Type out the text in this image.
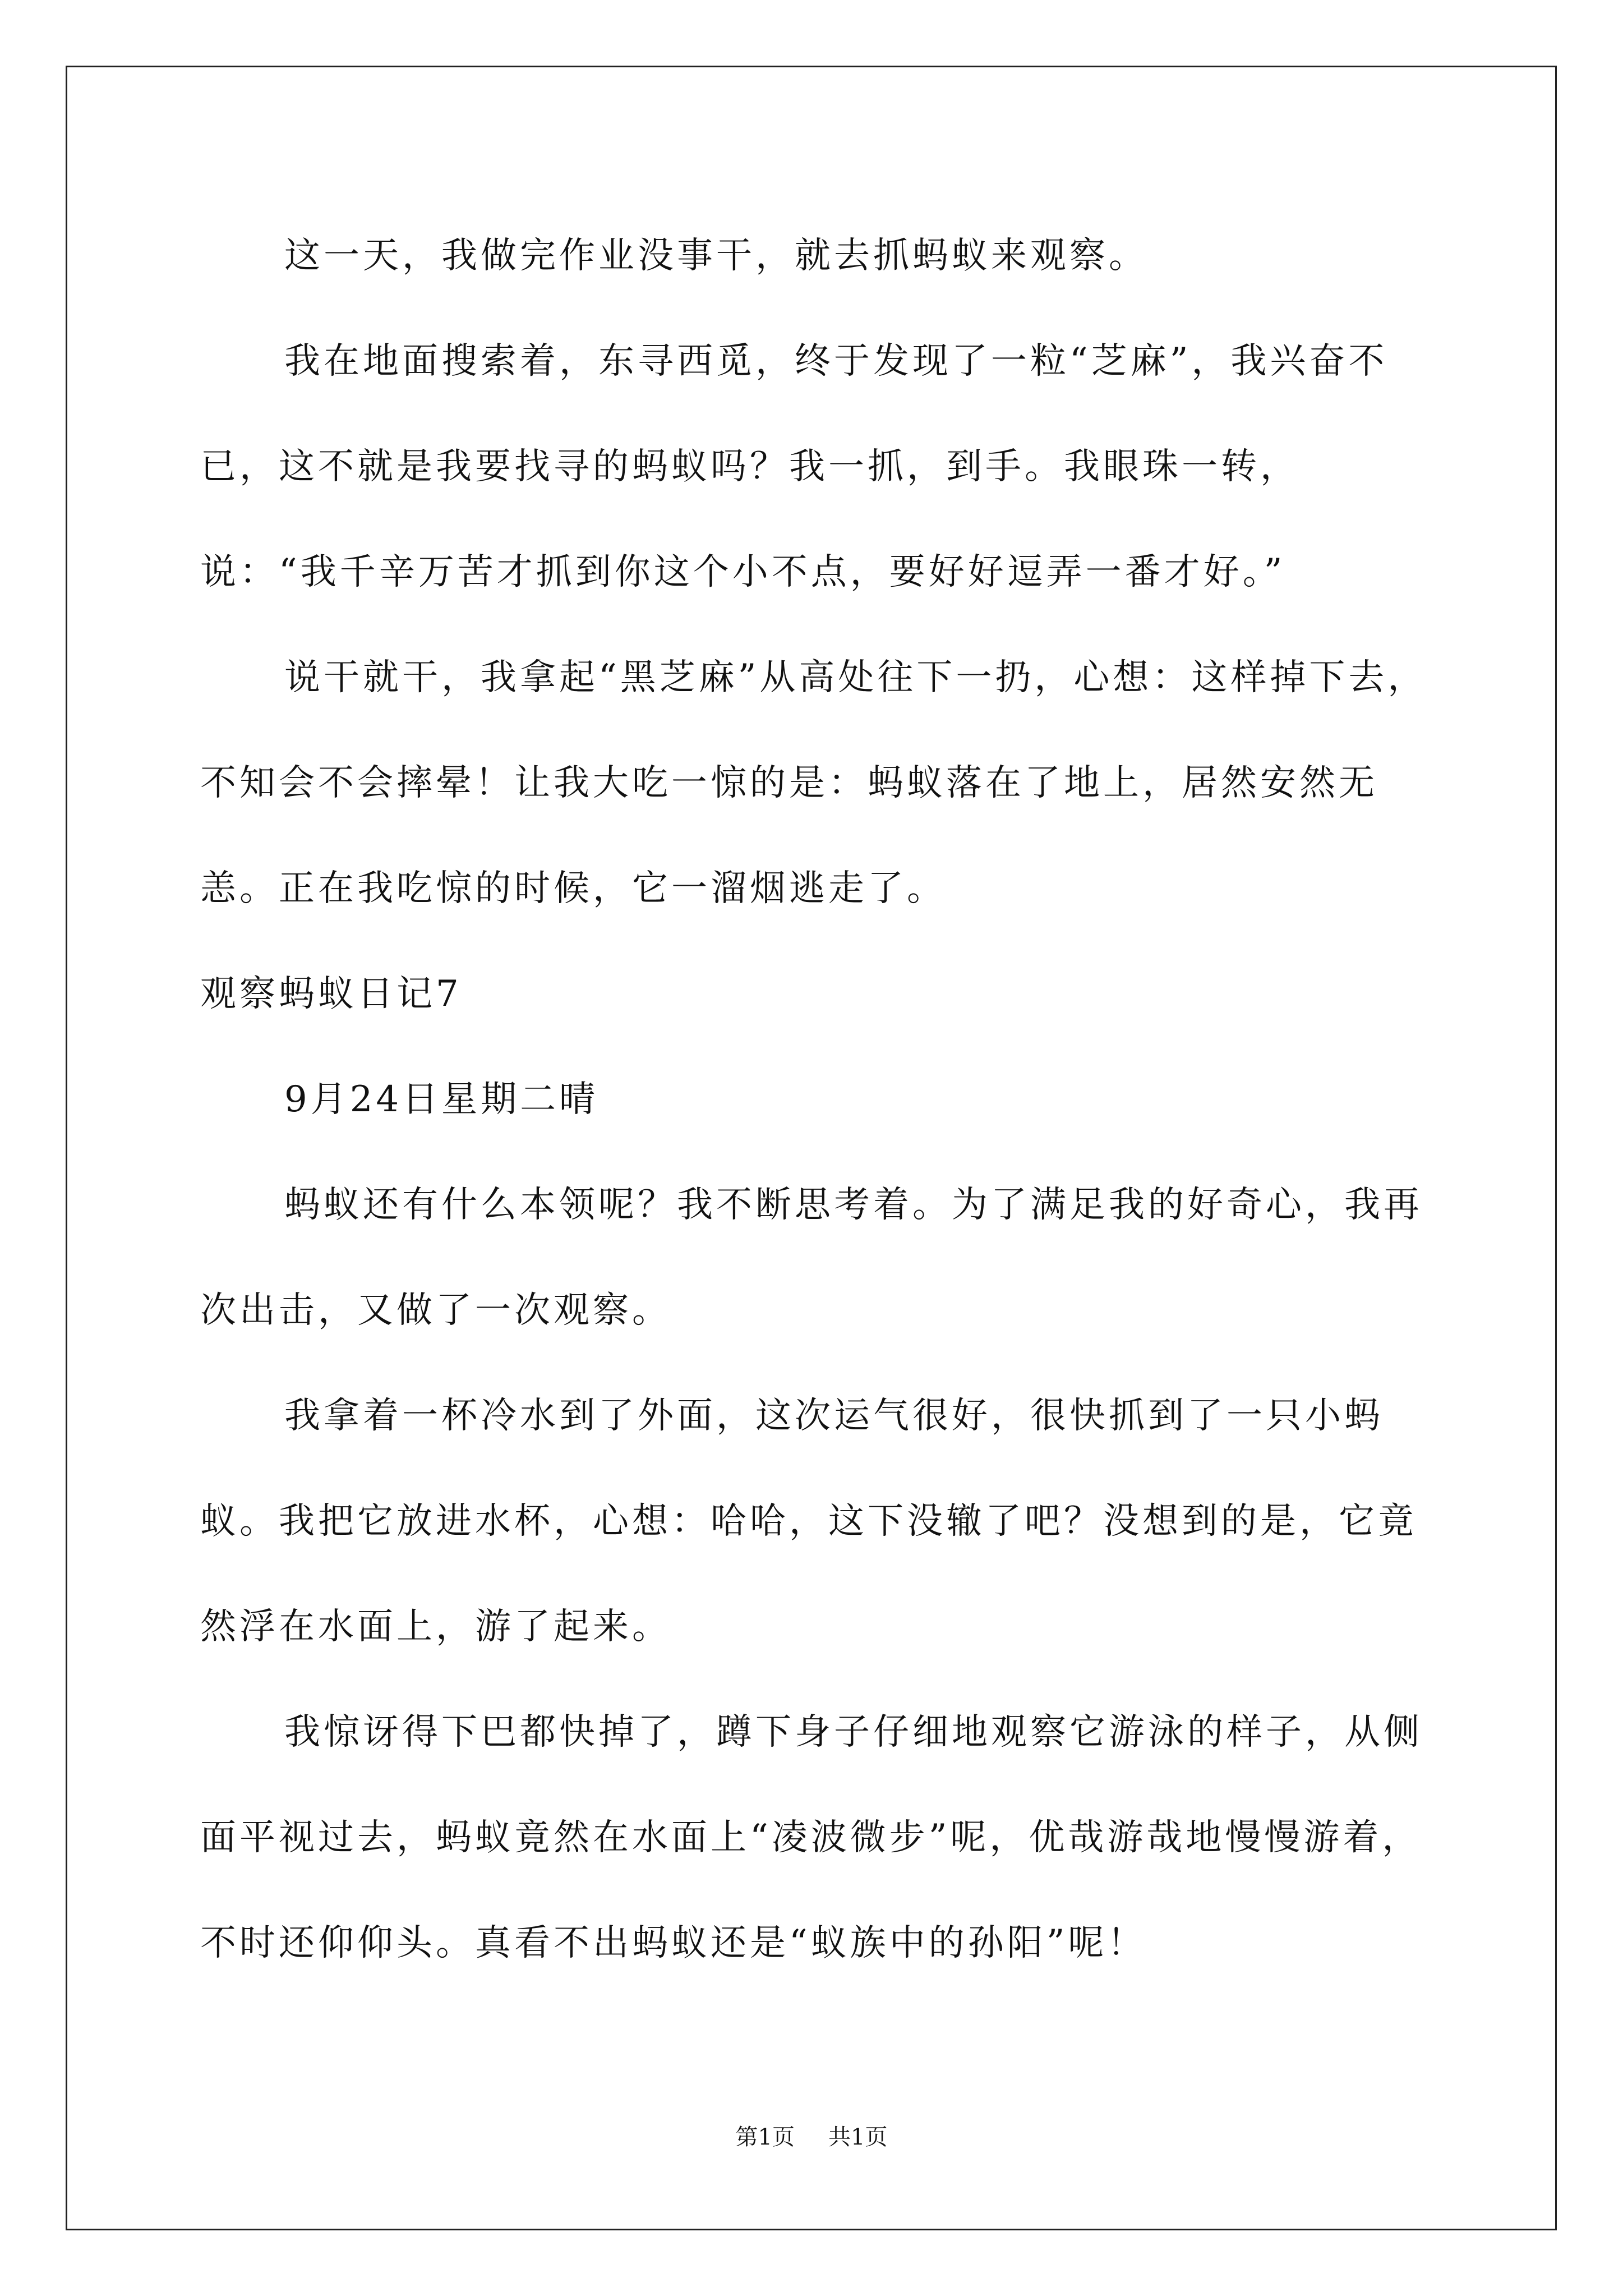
这一天，我做完作业没事干，就去抓蚂蚁来观察。

我在地面搜索着，东寻西觅，终于发现了一粒“芝麻”，我兴奋不已，这不就是我要找寻的蚂蚁吗？我一抓，到手。我眼珠一转，说：“我千辛万苦才抓到你这个小不点，要好好逗弄一番才好。”

说干就干，我拿起“黑芝麻”从高处往下一扔，心想：这样掉下去，不知会不会摔晕！让我大吃一惊的是：蚂蚁落在了地上，居然安然无恙。正在我吃惊的时候，它一溜烟逃走了。

观察蚂蚁日记7

9月24日星期二晴

蚂蚁还有什么本领呢？我不断思考着。为了满足我的好奇心，我再次出击，又做了一次观察。

我拿着一杯冷水到了外面，这次运气很好，很快抓到了一只小蚂蚁。我把它放进水杯，心想：哈哈，这下没辙了吧？没想到的是，它竟然浮在水面上，游了起来。

我惊讶得下巴都快掉了，蹲下身子仔细地观察它游泳的样子，从侧面平视过去，蚂蚁竟然在水面上“凌波微步”呢，优哉游哉地慢慢游着，不时还仰仰头。真看不出蚂蚁还是“蚁族中的孙阳”呢！

第1页 共1页
